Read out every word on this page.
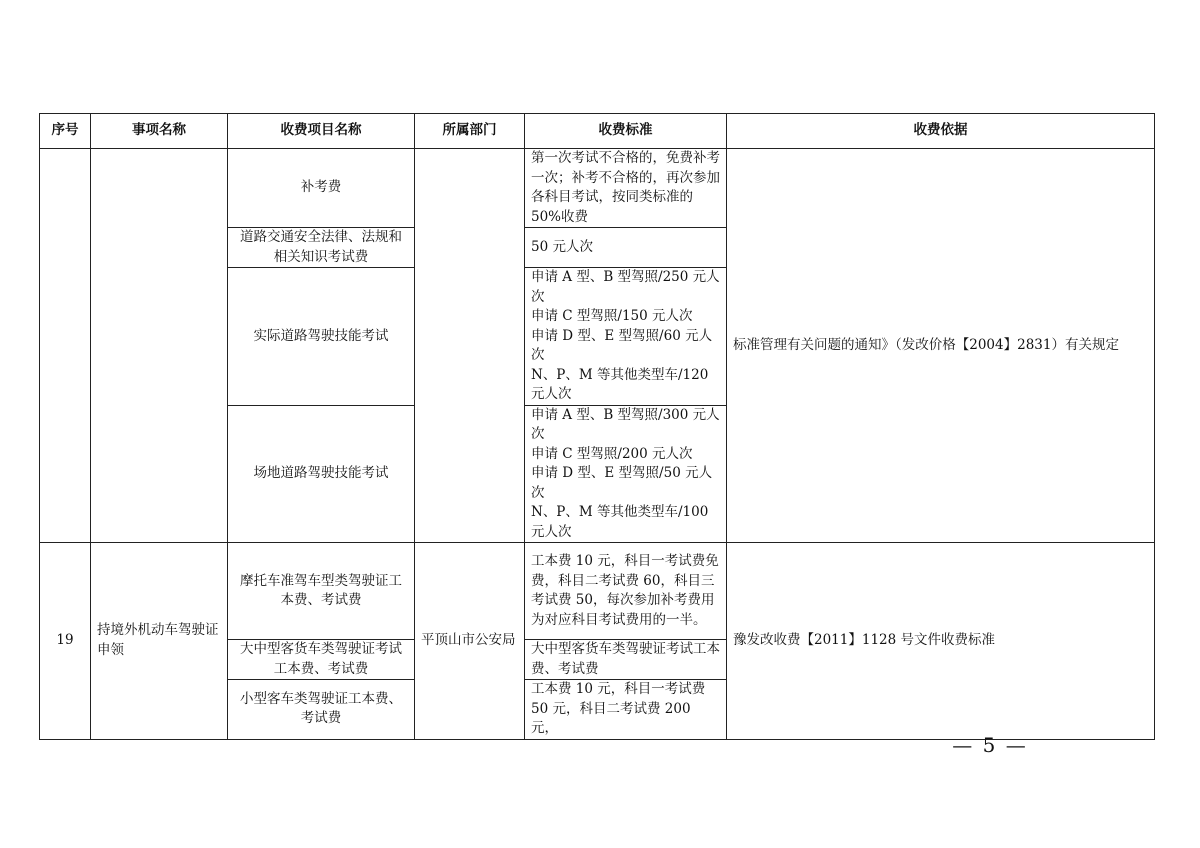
序号	事项名称	收费项目名称	所属部门	收费标准	收费依据
		补考费		第一次考试不合格的，免费补考一次；补考不合格的，再次参加各科目考试，按同类标准的 50%收费	标准管理有关问题的通知》（发改价格【2004】2831）有关规定
		道路交通安全法律、法规和相关知识考试费		50 元人次	
		实际道路驾驶技能考试		申请 A 型、B 型驾照/250 元人次
申请 C 型驾照/150 元人次
申请 D 型、E 型驾照/60 元人次
N、P、M 等其他类型车/120 元人次	
		场地道路驾驶技能考试		申请 A 型、B 型驾照/300 元人次
申请 C 型驾照/200 元人次
申请 D 型、E 型驾照/50 元人次
N、P、M 等其他类型车/100 元人次	
19	持境外机动车驾驶证申领	摩托车准驾车型类驾驶证工本费、考试费	平顶山市公安局	工本费 10 元，科目一考试费免费，科目二考试费 60，科目三考试费 50，每次参加补考费用为对应科目考试费用的一半。	豫发改收费【2011】1128 号文件收费标准
		大中型客货车类驾驶证考试工本费、考试费		大中型客货车类驾驶证考试工本费、考试费	
		小型客车类驾驶证工本费、考试费		工本费 10 元，科目一考试费 50 元，科目二考试费 200 元，	
— 5 —
